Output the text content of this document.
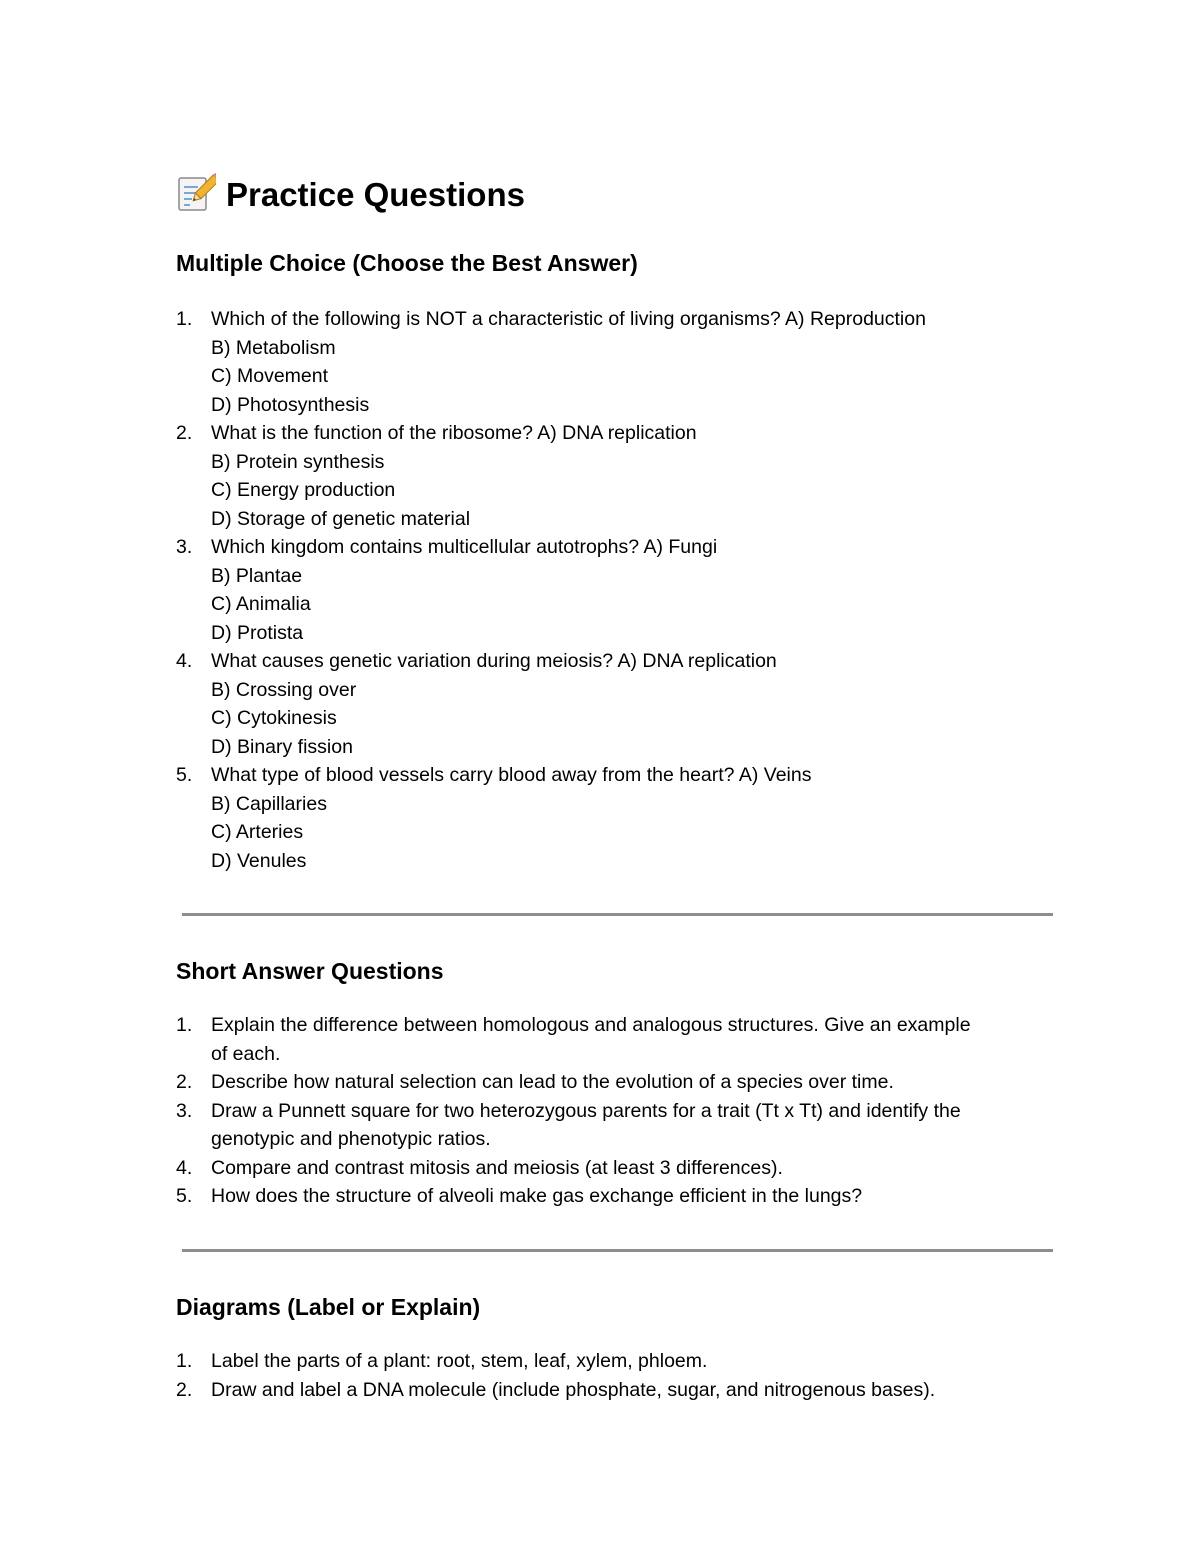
Practice Questions
Multiple Choice (Choose the Best Answer)
1. Which of the following is NOT a characteristic of living organisms? A) Reproduction
B) Metabolism
C) Movement
D) Photosynthesis
2. What is the function of the ribosome? A) DNA replication
B) Protein synthesis
C) Energy production
D) Storage of genetic material
3. Which kingdom contains multicellular autotrophs? A) Fungi
B) Plantae
C) Animalia
D) Protista
4. What causes genetic variation during meiosis? A) DNA replication
B) Crossing over
C) Cytokinesis
D) Binary fission
5. What type of blood vessels carry blood away from the heart? A) Veins
B) Capillaries
C) Arteries
D) Venules
Short Answer Questions
1. Explain the difference between homologous and analogous structures. Give an example
of each.
2. Describe how natural selection can lead to the evolution of a species over time.
3. Draw a Punnett square for two heterozygous parents for a trait (Tt x Tt) and identify the
genotypic and phenotypic ratios.
4. Compare and contrast mitosis and meiosis (at least 3 differences).
5. How does the structure of alveoli make gas exchange efficient in the lungs?
Diagrams (Label or Explain)
1. Label the parts of a plant: root, stem, leaf, xylem, phloem.
2. Draw and label a DNA molecule (include phosphate, sugar, and nitrogenous bases).
